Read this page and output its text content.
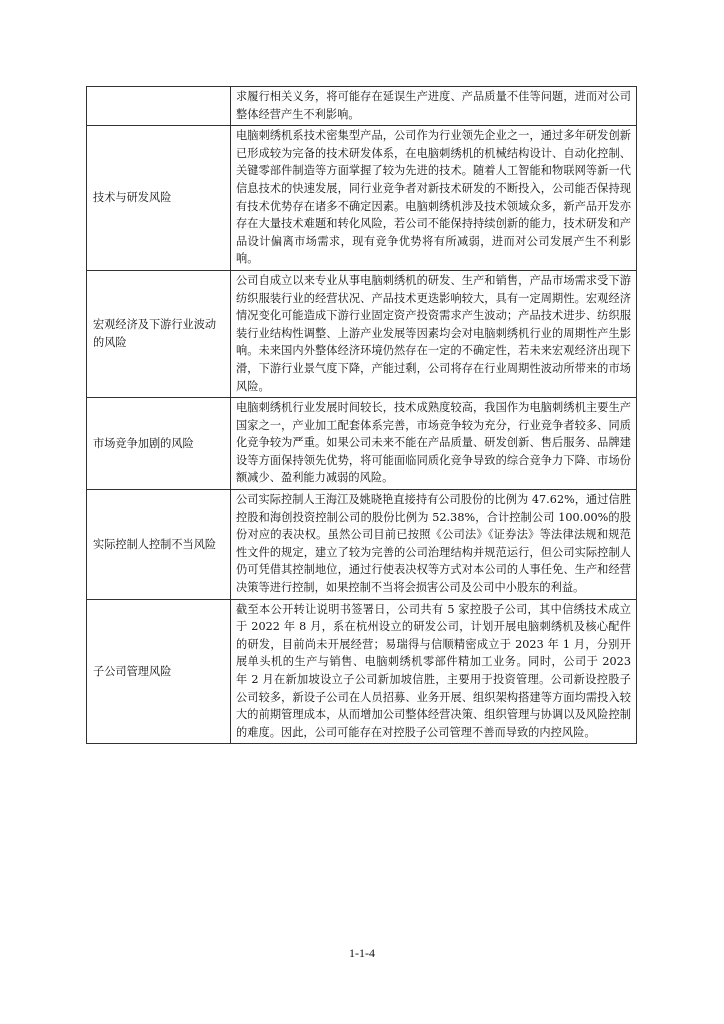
	求履行相关义务，将可能存在延误生产进度、产品质量不佳等问题，进而对公司整体经营产生不利影响。
技术与研发风险	电脑刺绣机系技术密集型产品，公司作为行业领先企业之一，通过多年研发创新已形成较为完备的技术研发体系，在电脑刺绣机的机械结构设计、自动化控制、关键零部件制造等方面掌握了较为先进的技术。随着人工智能和物联网等新一代信息技术的快速发展，同行业竞争者对新技术研发的不断投入，公司能否保持现有技术优势存在诸多不确定因素。电脑刺绣机涉及技术领域众多，新产品开发亦存在大量技术难题和转化风险，若公司不能保持持续创新的能力，技术研发和产品设计偏离市场需求，现有竞争优势将有所减弱，进而对公司发展产生不利影响。
宏观经济及下游行业波动的风险	公司自成立以来专业从事电脑刺绣机的研发、生产和销售，产品市场需求受下游纺织服装行业的经营状况、产品技术更迭影响较大，具有一定周期性。宏观经济情况变化可能造成下游行业固定资产投资需求产生波动；产品技术进步、纺织服装行业结构性调整、上游产业发展等因素均会对电脑刺绣机行业的周期性产生影响。未来国内外整体经济环境仍然存在一定的不确定性，若未来宏观经济出现下滑，下游行业景气度下降，产能过剩，公司将存在行业周期性波动所带来的市场风险。
市场竞争加剧的风险	电脑刺绣机行业发展时间较长，技术成熟度较高，我国作为电脑刺绣机主要生产国家之一，产业加工配套体系完善，市场竞争较为充分，行业竞争者较多、同质化竞争较为严重。如果公司未来不能在产品质量、研发创新、售后服务、品牌建设等方面保持领先优势，将可能面临同质化竞争导致的综合竞争力下降、市场份额减少、盈利能力减弱的风险。
实际控制人控制不当风险	公司实际控制人王海江及姚晓艳直接持有公司股份的比例为 47.62%，通过信胜控股和海创投资控制公司的股份比例为 52.38%，合计控制公司 100.00%的股份对应的表决权。虽然公司目前已按照《公司法》《证券法》等法律法规和规范性文件的规定，建立了较为完善的公司治理结构并规范运行，但公司实际控制人仍可凭借其控制地位，通过行使表决权等方式对本公司的人事任免、生产和经营决策等进行控制，如果控制不当将会损害公司及公司中小股东的利益。
子公司管理风险	截至本公开转让说明书签署日，公司共有 5 家控股子公司，其中信绣技术成立于 2022 年 8 月，系在杭州设立的研发公司，计划开展电脑刺绣机及核心配件的研发，目前尚未开展经营；易瑞得与信顺精密成立于 2023 年 1 月，分别开展单头机的生产与销售、电脑刺绣机零部件精加工业务。同时，公司于 2023 年 2 月在新加坡设立子公司新加坡信胜，主要用于投资管理。公司新设控股子公司较多，新设子公司在人员招募、业务开展、组织架构搭建等方面均需投入较大的前期管理成本，从而增加公司整体经营决策、组织管理与协调以及风险控制的难度。因此，公司可能存在对控股子公司管理不善而导致的内控风险。
1-1-4
